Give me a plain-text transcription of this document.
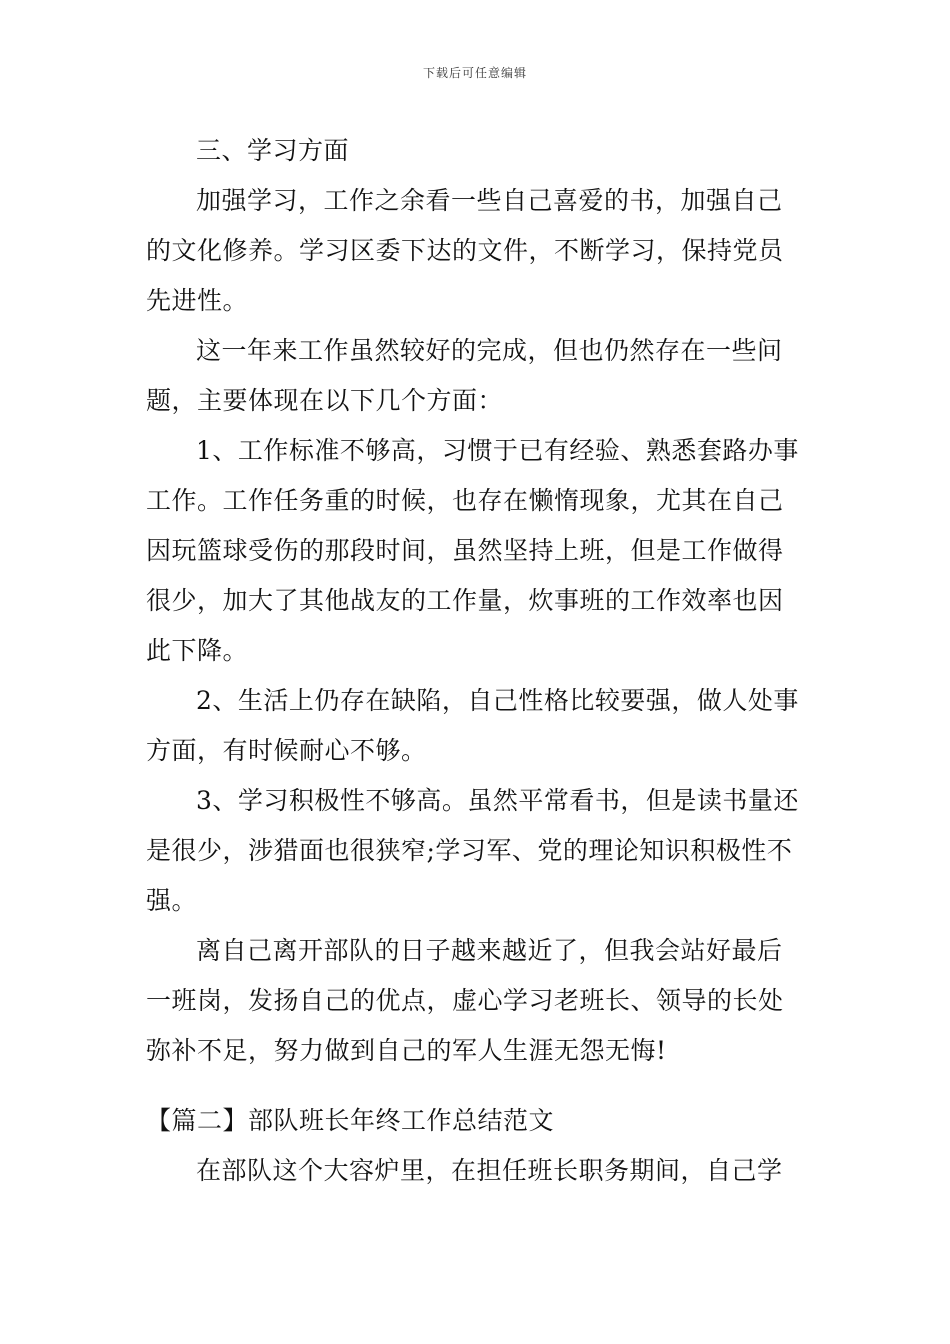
下载后可任意编辑
三、学习方面
加强学习，工作之余看一些自己喜爱的书，加强自己
的文化修养。学习区委下达的文件，不断学习，保持党员
先进性。
这一年来工作虽然较好的完成，但也仍然存在一些问
题，主要体现在以下几个方面：
1、工作标准不够高，习惯于已有经验、熟悉套路办事
工作。工作任务重的时候，也存在懒惰现象，尤其在自己
因玩篮球受伤的那段时间，虽然坚持上班，但是工作做得
很少，加大了其他战友的工作量，炊事班的工作效率也因
此下降。
2、生活上仍存在缺陷，自己性格比较要强，做人处事
方面，有时候耐心不够。
3、学习积极性不够高。虽然平常看书，但是读书量还
是很少，涉猎面也很狭窄;学习军、党的理论知识积极性不
强。
离自己离开部队的日子越来越近了，但我会站好最后
一班岗，发扬自己的优点，虚心学习老班长、领导的长处
弥补不足，努力做到自己的军人生涯无怨无悔!
【篇二】部队班长年终工作总结范文
在部队这个大容炉里，在担任班长职务期间，自己学
